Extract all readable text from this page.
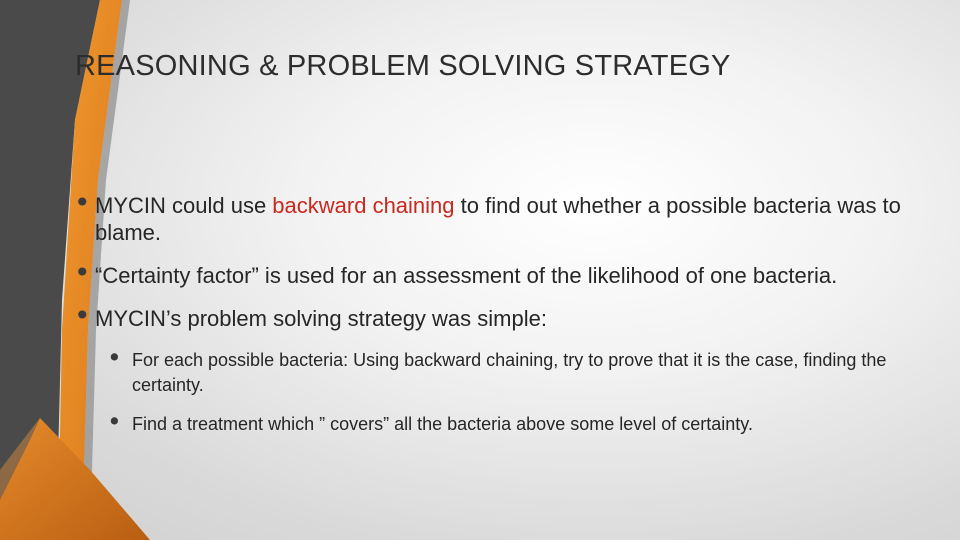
REASONING & PROBLEM SOLVING STRATEGY
• MYCIN could use backward chaining to find out whether a possible bacteria was to blame.
• “Certainty factor” is used for an assessment of the likelihood of one bacteria.
• MYCIN’s problem solving strategy was simple:
• For each possible bacteria: Using backward chaining, try to prove that it is the case, finding the certainty.
• Find a treatment which ” covers” all the bacteria above some level of certainty.
